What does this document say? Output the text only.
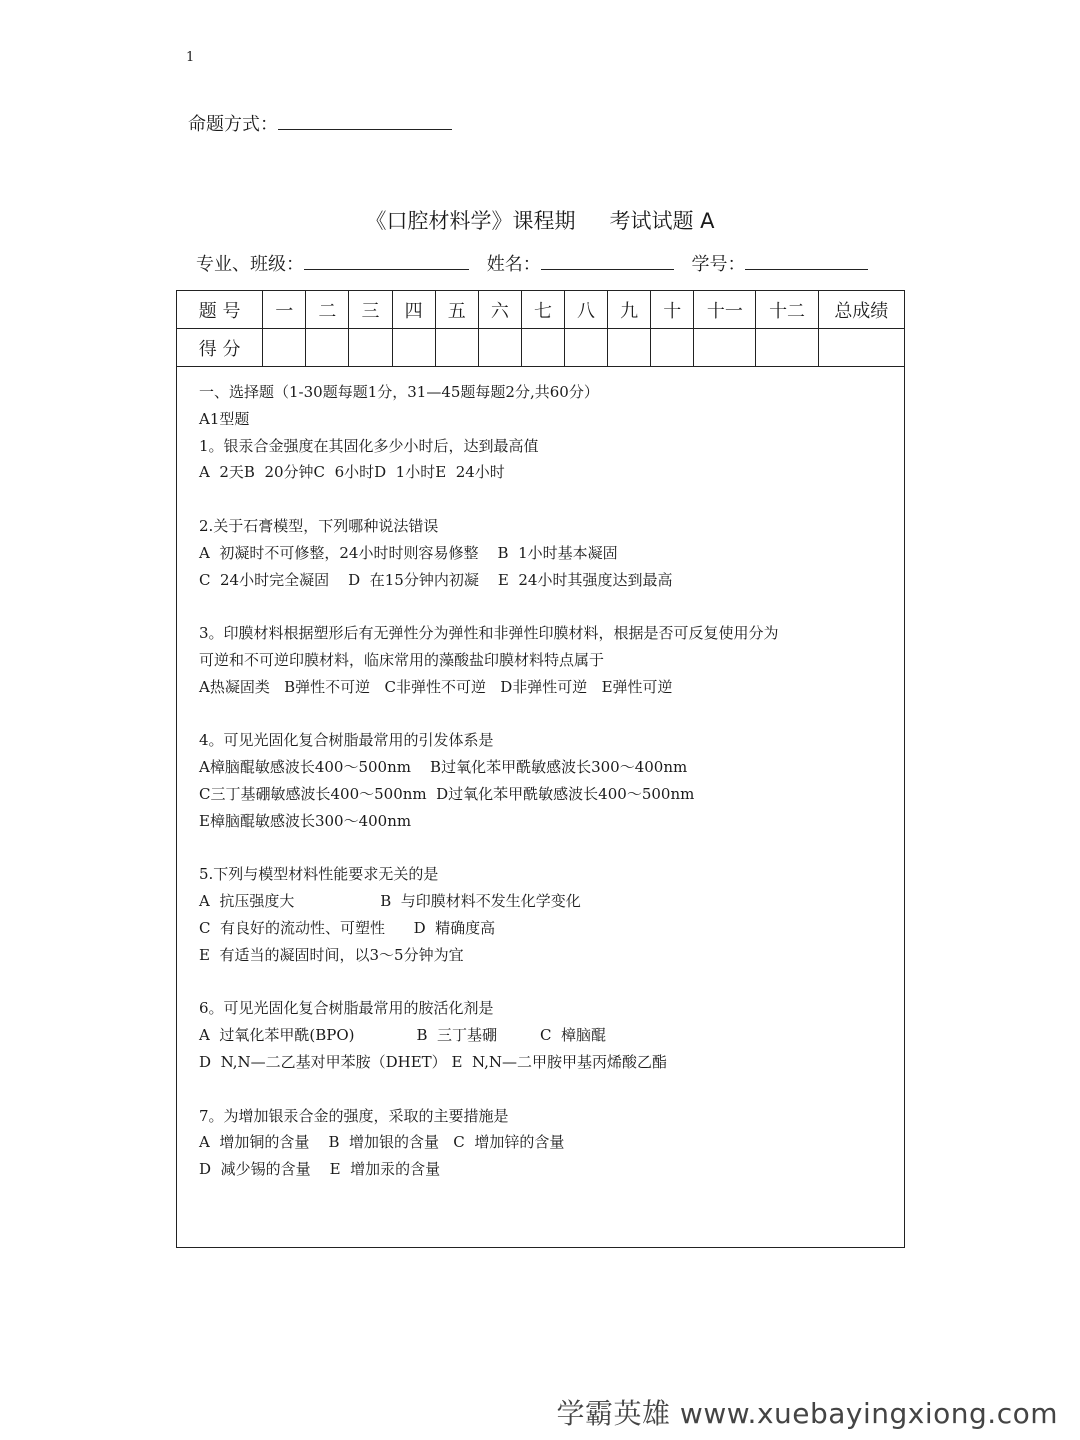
1
命题方式：
《口腔材料学》课程期 考试试题 A
专业、班级：	姓名：	学号：
题 号	一	二	三	四	五	六	七	八	九	十	十一	十二	总成绩
得 分													
一、选择题（1-30题每题1分，31—45题每题2分,共60分）
A1型题
1。银汞合金强度在其固化多少小时后，达到最高值
A  2天B  20分钟C  6小时D  1小时E  24小时
2.关于石膏模型，下列哪种说法错误
A  初凝时不可修整，24小时时则容易修整    B  1小时基本凝固
C  24小时完全凝固    D  在15分钟内初凝    E  24小时其强度达到最高
3。印膜材料根据塑形后有无弹性分为弹性和非弹性印膜材料，根据是否可反复使用分为
可逆和不可逆印膜材料，临床常用的藻酸盐印膜材料特点属于
A热凝固类   B弹性不可逆   C非弹性不可逆   D非弹性可逆   E弹性可逆
4。可见光固化复合树脂最常用的引发体系是
A樟脑醌敏感波长400～500nm    B过氧化苯甲酰敏感波长300～400nm
C三丁基硼敏感波长400～500nm  D过氧化苯甲酰敏感波长400～500nm
E樟脑醌敏感波长300～400nm
5.下列与模型材料性能要求无关的是
A  抗压强度大                  B  与印膜材料不发生化学变化
C  有良好的流动性、可塑性      D  精确度高
E  有适当的凝固时间，以3～5分钟为宜
6。可见光固化复合树脂最常用的胺活化剂是
A  过氧化苯甲酰(BPO)             B  三丁基硼         C  樟脑醌
D  N,N—二乙基对甲苯胺（DHET） E  N,N—二甲胺甲基丙烯酸乙酯
7。为增加银汞合金的强度，采取的主要措施是
A  增加铜的含量    B  增加银的含量   C  增加锌的含量
D  减少锡的含量    E  增加汞的含量
学霸英雄 www.xuebayingxiong.com
